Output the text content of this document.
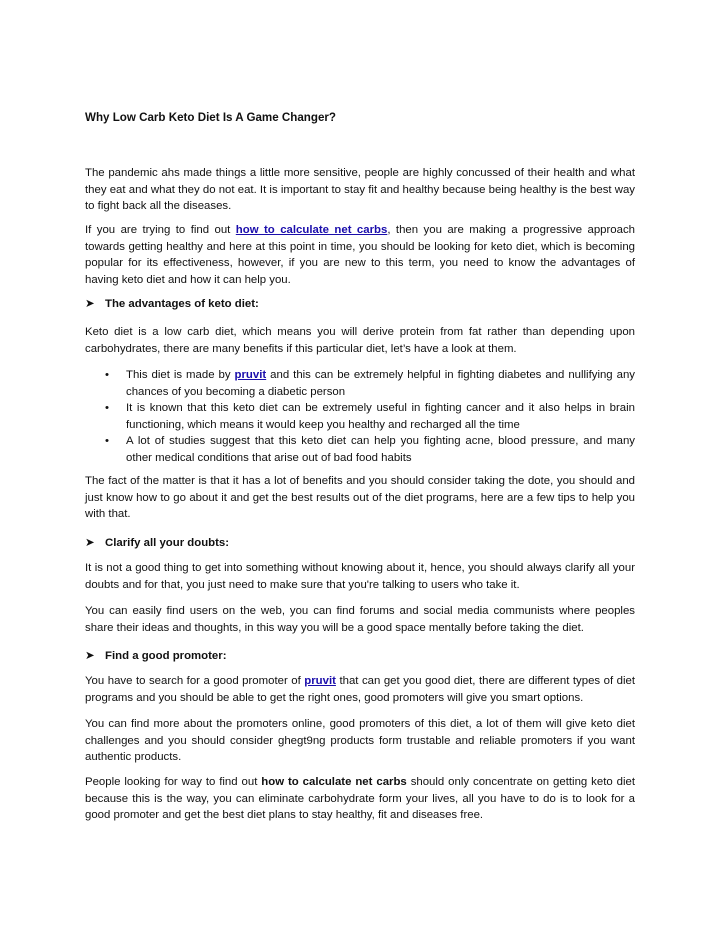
Why Low Carb Keto Diet Is A Game Changer?

The pandemic ahs made things a little more sensitive, people are highly concussed of their health and what they eat and what they do not eat. It is important to stay fit and healthy because being healthy is the best way to fight back all the diseases.

If you are trying to find out how to calculate net carbs, then you are making a progressive approach towards getting healthy and here at this point in time, you should be looking for keto diet, which is becoming popular for its effectiveness, however, if you are new to this term, you need to know the advantages of having keto diet and how it can help you.

➤ The advantages of keto diet:

Keto diet is a low carb diet, which means you will derive protein from fat rather than depending upon carbohydrates, there are many benefits if this particular diet, let’s have a look at them.

• This diet is made by pruvit and this can be extremely helpful in fighting diabetes and nullifying any chances of you becoming a diabetic person
• It is known that this keto diet can be extremely useful in fighting cancer and it also helps in brain functioning, which means it would keep you healthy and recharged all the time
• A lot of studies suggest that this keto diet can help you fighting acne, blood pressure, and many other medical conditions that arise out of bad food habits

The fact of the matter is that it has a lot of benefits and you should consider taking the dote, you should and just know how to go about it and get the best results out of the diet programs, here are a few tips to help you with that.

➤ Clarify all your doubts:

It is not a good thing to get into something without knowing about it, hence, you should always clarify all your doubts and for that, you just need to make sure that you're talking to users who take it.

You can easily find users on the web, you can find forums and social media communists where peoples share their ideas and thoughts, in this way you will be a good space mentally before taking the diet.

➤ Find a good promoter:

You have to search for a good promoter of pruvit that can get you good diet, there are different types of diet programs and you should be able to get the right ones, good promoters will give you smart options.

You can find more about the promoters online, good promoters of this diet, a lot of them will give keto diet challenges and you should consider ghegt9ng products form trustable and reliable promoters if you want authentic products.

People looking for way to find out how to calculate net carbs should only concentrate on getting keto diet because this is the way, you can eliminate carbohydrate form your lives, all you have to do is to look for a good promoter and get the best diet plans to stay healthy, fit and diseases free.
